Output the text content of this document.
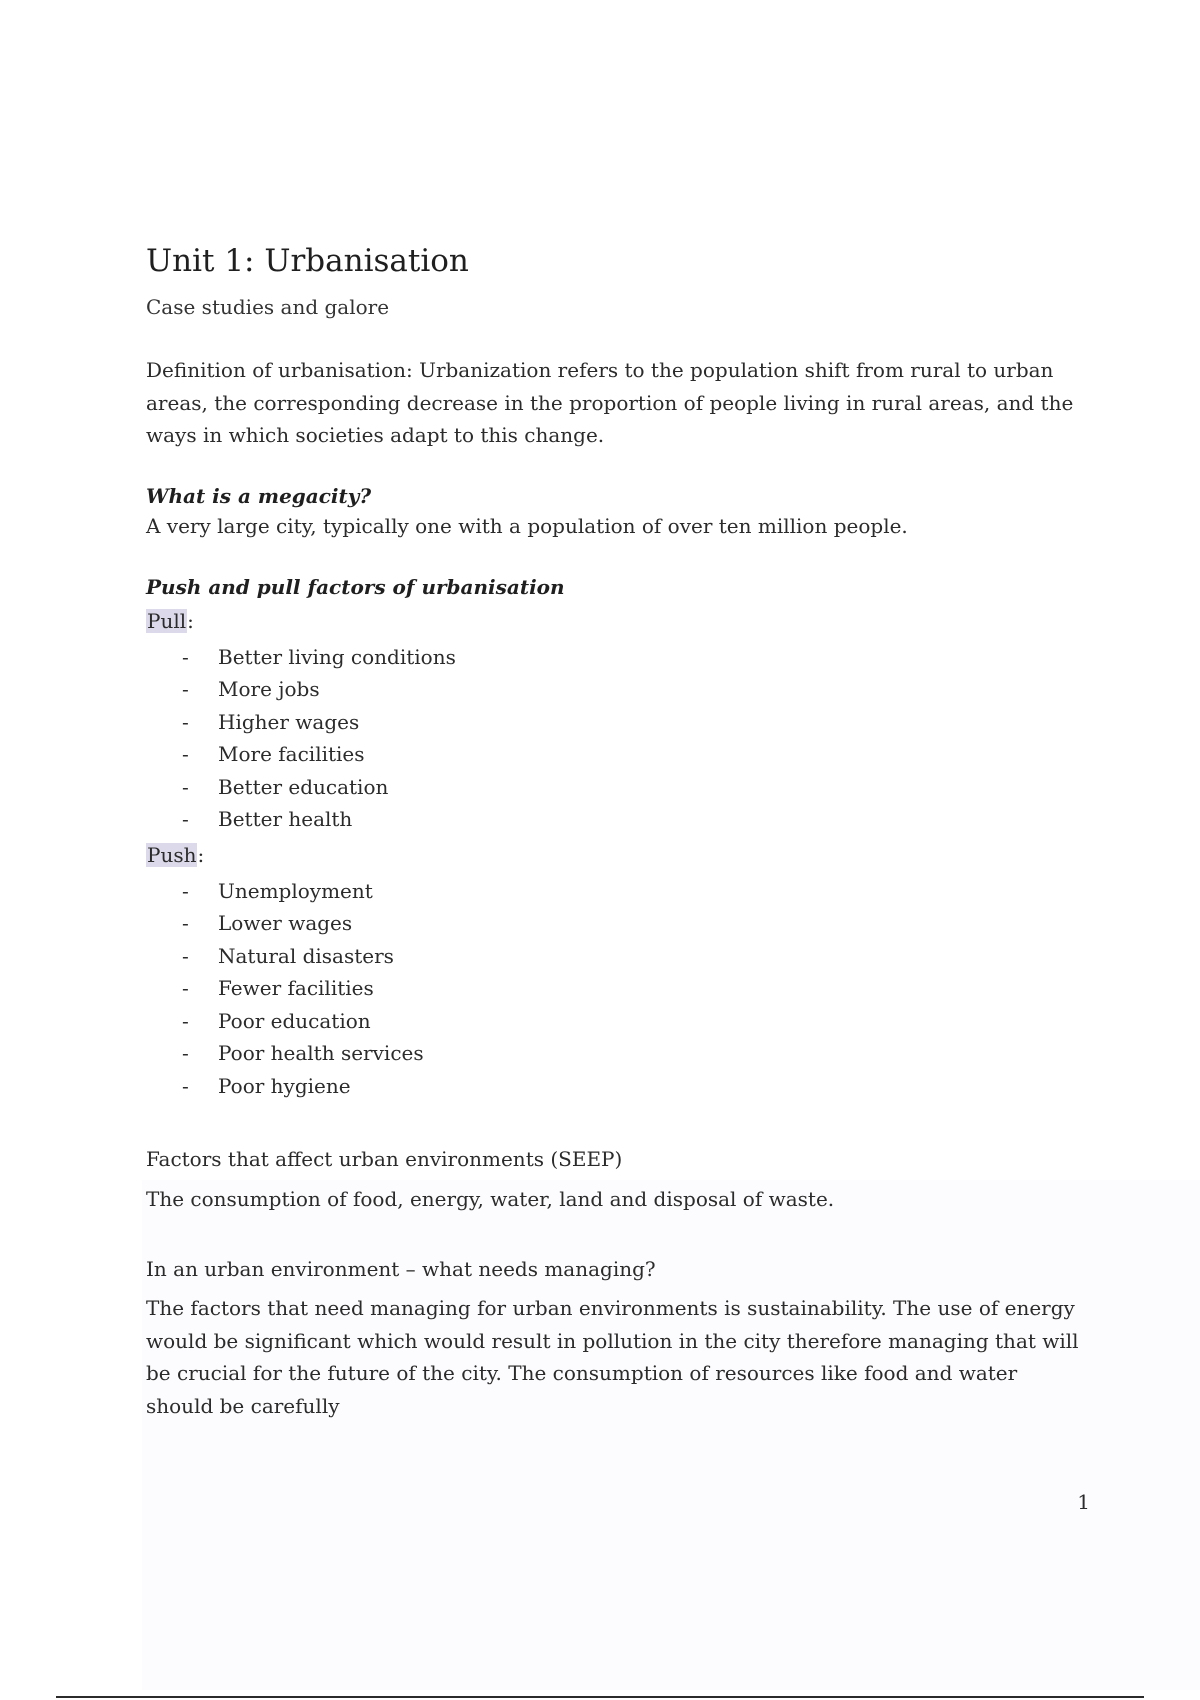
Unit 1: Urbanisation
Case studies and galore
Definition of urbanisation: Urbanization refers to the population shift from rural to urban areas, the corresponding decrease in the proportion of people living in rural areas, and the ways in which societies adapt to this change.
What is a megacity?
A very large city, typically one with a population of over ten million people.
Push and pull factors of urbanisation
Pull:
- Better living conditions
- More jobs
- Higher wages
- More facilities
- Better education
- Better health
Push:
- Unemployment
- Lower wages
- Natural disasters
- Fewer facilities
- Poor education
- Poor health services
- Poor hygiene
Factors that affect urban environments (SEEP)
The consumption of food, energy, water, land and disposal of waste.
In an urban environment – what needs managing?
The factors that need managing for urban environments is sustainability. The use of energy would be significant which would result in pollution in the city therefore managing that will be crucial for the future of the city. The consumption of resources like food and water should be carefully
1
